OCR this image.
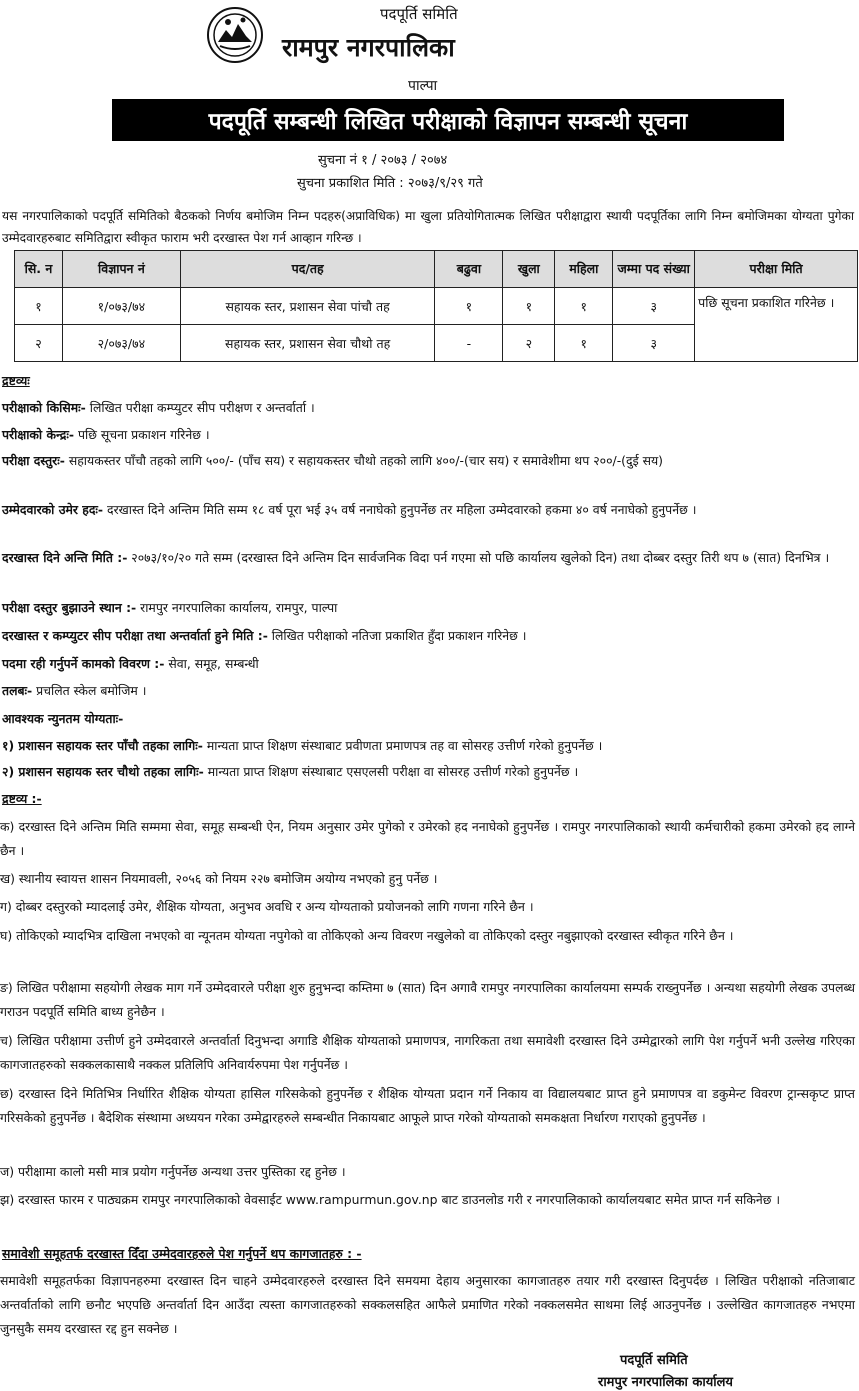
पदपूर्ति समिति
रामपुर नगरपालिका
पाल्पा
पदपूर्ति सम्बन्धी लिखित परीक्षाको विज्ञापन सम्बन्धी सूचना
सुचना नं १ / २०७३ / २०७४
सुचना प्रकाशित मिति : २०७३/९/२९ गते
यस नगरपालिकाको पदपूर्ति समितिको बैठकको निर्णय बमोजिम निम्न पदहरु(अप्राविधिक) मा खुला प्रतियोगितात्मक लिखित परीक्षाद्वारा स्थायी पदपूर्तिका लागि निम्न बमोजिमका योग्यता पुगेका उम्मेदवारहरुबाट समितिद्वारा स्वीकृत फाराम भरी दरखास्त पेश गर्न आव्हान गरिन्छ ।
सि. न	विज्ञापन नं	पद/तह	बढुवा	खुला	महिला	जम्मा पद संख्या	परीक्षा मिति
१	१/०७३/७४	सहायक स्तर, प्रशासन सेवा पांचौ तह	१	१	१	३	पछि सूचना प्रकाशित गरिनेछ ।
२	२/०७३/७४	सहायक स्तर, प्रशासन सेवा चौथो तह	-	२	१	३	
द्रष्टव्यः
परीक्षाको किसिमः- लिखित परीक्षा कम्प्युटर सीप परीक्षण र अन्तर्वार्ता ।
परीक्षाको केन्द्रः- पछि सूचना प्रकाशन गरिनेछ ।
परीक्षा दस्तुरः- सहायकस्तर पाँचौ तहको लागि ५००/- (पाँच सय) र सहायकस्तर चौथो तहको लागि ४००/-(चार सय) र समावेशीमा थप २००/-(दुई सय)
उम्मेदवारको उमेर हदः- दरखास्त दिने अन्तिम मिति सम्म १८ वर्ष पूरा भई ३५ वर्ष ननाघेको हुनुपर्नेछ तर महिला उम्मेदवारको हकमा ४० वर्ष ननाघेको हुनुपर्नेछ ।
दरखास्त दिने अन्ति मिति :- २०७३/१०/२० गते सम्म (दरखास्त दिने अन्तिम दिन सार्वजनिक विदा पर्न गएमा सो पछि कार्यालय खुलेको दिन) तथा दोब्बर दस्तुर तिरी थप ७ (सात) दिनभित्र ।
परीक्षा दस्तुर बुझाउने स्थान :- रामपुर नगरपालिका कार्यालय, रामपुर, पाल्पा
दरखास्त र कम्प्युटर सीप परीक्षा तथा अन्तर्वार्ता हुने मिति :- लिखित परीक्षाको नतिजा प्रकाशित हुँदा प्रकाशन गरिनेछ ।
पदमा रही गर्नुपर्ने कामको विवरण :- सेवा, समूह, सम्बन्धी
तलबः- प्रचलित स्केल बमोजिम ।
आवश्यक न्युनतम योग्यताः-
१) प्रशासन सहायक स्तर पाँचौ तहका लागिः- मान्यता प्राप्त शिक्षण संस्थाबाट प्रवीणता प्रमाणपत्र तह वा सोसरह उत्तीर्ण गरेको हुनुपर्नेछ ।
२) प्रशासन सहायक स्तर चौथो तहका लागिः- मान्यता प्राप्त शिक्षण संस्थाबाट एसएलसी परीक्षा वा सोसरह उत्तीर्ण गरेको हुनुपर्नेछ ।
द्रष्टव्य :-
क) दरखास्त दिने अन्तिम मिति सम्ममा सेवा, समूह सम्बन्धी ऐन, नियम अनुसार उमेर पुगेको र उमेरको हद ननाघेको हुनुपर्नेछ । रामपुर नगरपालिकाको स्थायी कर्मचारीको हकमा उमेरको हद लाग्ने छैन ।
ख) स्थानीय स्वायत्त शासन नियमावली, २०५६ को नियम २२७ बमोजिम अयोग्य नभएको हुनु पर्नेछ ।
ग) दोब्बर दस्तुरको म्यादलाई उमेर, शैक्षिक योग्यता, अनुभव अवधि र अन्य योग्यताको प्रयोजनको लागि गणना गरिने छैन ।
घ) तोकिएको म्यादभित्र दाखिला नभएको वा न्यूनतम योग्यता नपुगेको वा तोकिएको अन्य विवरण नखुलेको वा तोकिएको दस्तुर नबुझाएको दरखास्त स्वीकृत गरिने छैन ।
ङ) लिखित परीक्षामा सहयोगी लेखक माग गर्ने उम्मेदवारले परीक्षा शुरु हुनुभन्दा कम्तिमा ७ (सात) दिन अगावै रामपुर नगरपालिका कार्यालयमा सम्पर्क राख्नुपर्नेछ । अन्यथा सहयोगी लेखक उपलब्ध गराउन पदपूर्ति समिति बाध्य हुनेछैन ।
च) लिखित परीक्षामा उत्तीर्ण हुने उम्मेदवारले अन्तर्वार्ता दिनुभन्दा अगाडि शैक्षिक योग्यताको प्रमाणपत्र, नागरिकता तथा समावेशी दरखास्त दिने उम्मेद्वारको लागि पेश गर्नुपर्ने भनी उल्लेख गरिएका कागजातहरुको सक्कलकासाथै नक्कल प्रतिलिपि अनिवार्यरुपमा पेश गर्नुपर्नेछ ।
छ) दरखास्त दिने मितिभित्र निर्धारित शैक्षिक योग्यता हासिल गरिसकेको हुनुपर्नेछ र शैक्षिक योग्यता प्रदान गर्ने निकाय वा विद्यालयबाट प्राप्त हुने प्रमाणपत्र वा डकुमेन्ट विवरण ट्रान्सकृप्ट प्राप्त गरिसकेको हुनुपर्नेछ । बैदेशिक संस्थामा अध्ययन गरेका उम्मेद्वारहरुले सम्बन्धीत निकायबाट आफूले प्राप्त गरेको योग्यताको समकक्षता निर्धारण गराएको हुनुपर्नेछ ।
ज) परीक्षामा कालो मसी मात्र प्रयोग गर्नुपर्नेछ अन्यथा उत्तर पुस्तिका रद्द हुनेछ ।
झ) दरखास्त फारम र पाठ्यक्रम रामपुर नगरपालिकाको वेवसाईट www.rampurmun.gov.np बाट डाउनलोड गरी र नगरपालिकाको कार्यालयबाट समेत प्राप्त गर्न सकिनेछ ।
समावेशी समूहतर्फ दरखास्त दिँदा उम्मेदवारहरुले पेश गर्नुपर्ने थप कागजातहरु : -
समावेशी समूहतर्फका विज्ञापनहरुमा दरखास्त दिन चाहने उम्मेदवारहरुले दरखास्त दिने समयमा देहाय अनुसारका कागजातहरु तयार गरी दरखास्त दिनुपर्दछ । लिखित परीक्षाको नतिजाबाट अन्तर्वार्ताको लागि छनौट भएपछि अन्तर्वार्ता दिन आउँदा त्यस्ता कागजातहरुको सक्कलसहित आफैले प्रमाणित गरेको नक्कलसमेत साथमा लिई आउनुपर्नेछ । उल्लेखित कागजातहरु नभएमा जुनसुकै समय दरखास्त रद्द हुन सक्नेछ ।
पदपूर्ति समिति
रामपुर नगरपालिका कार्यालय
